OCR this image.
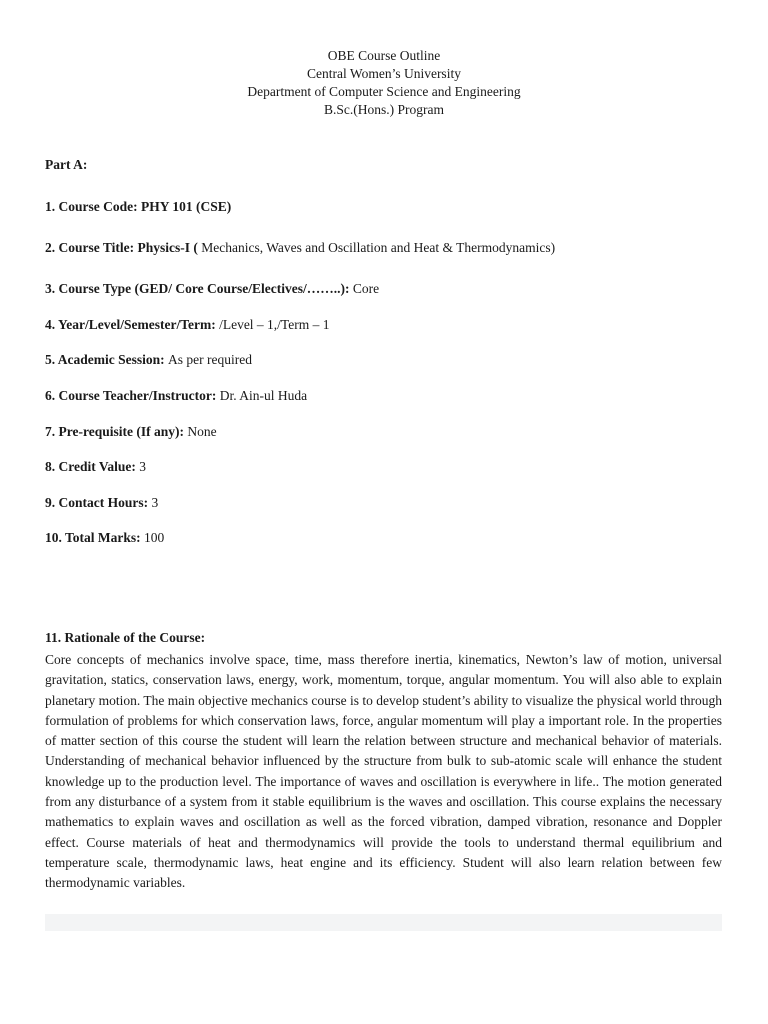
OBE Course Outline
Central Women’s University
Department of Computer Science and Engineering
B.Sc.(Hons.) Program
Part A:
1. Course Code: PHY 101 (CSE)
2. Course Title: Physics-I ( Mechanics, Waves and Oscillation and Heat & Thermodynamics)
3. Course Type (GED/ Core Course/Electives/……..): Core
4. Year/Level/Semester/Term: /Level – 1,/Term – 1
5. Academic Session: As per required
6. Course Teacher/Instructor: Dr. Ain-ul Huda
7. Pre-requisite (If any): None
8. Credit Value: 3
9. Contact Hours: 3
10. Total Marks: 100
11. Rationale of the Course:
Core concepts of mechanics involve space, time, mass therefore inertia, kinematics, Newton’s law of motion, universal gravitation, statics, conservation laws, energy, work, momentum, torque, angular momentum. You will also able to explain planetary motion. The main objective mechanics course is to develop student’s ability to visualize the physical world through formulation of problems for which conservation laws, force, angular momentum will play a important role. In the properties of matter section of this course the student will learn the relation between structure and mechanical behavior of materials. Understanding of mechanical behavior influenced by the structure from bulk to sub-atomic scale will enhance the student knowledge up to the production level. The importance of waves and oscillation is everywhere in life.. The motion generated from any disturbance of a system from it stable equilibrium is the waves and oscillation. This course explains the necessary mathematics to explain waves and oscillation as well as the forced vibration, damped vibration, resonance and Doppler effect. Course materials of heat and thermodynamics will provide the tools to understand thermal equilibrium and temperature scale, thermodynamic laws, heat engine and its efficiency. Student will also learn relation between few thermodynamic variables.
